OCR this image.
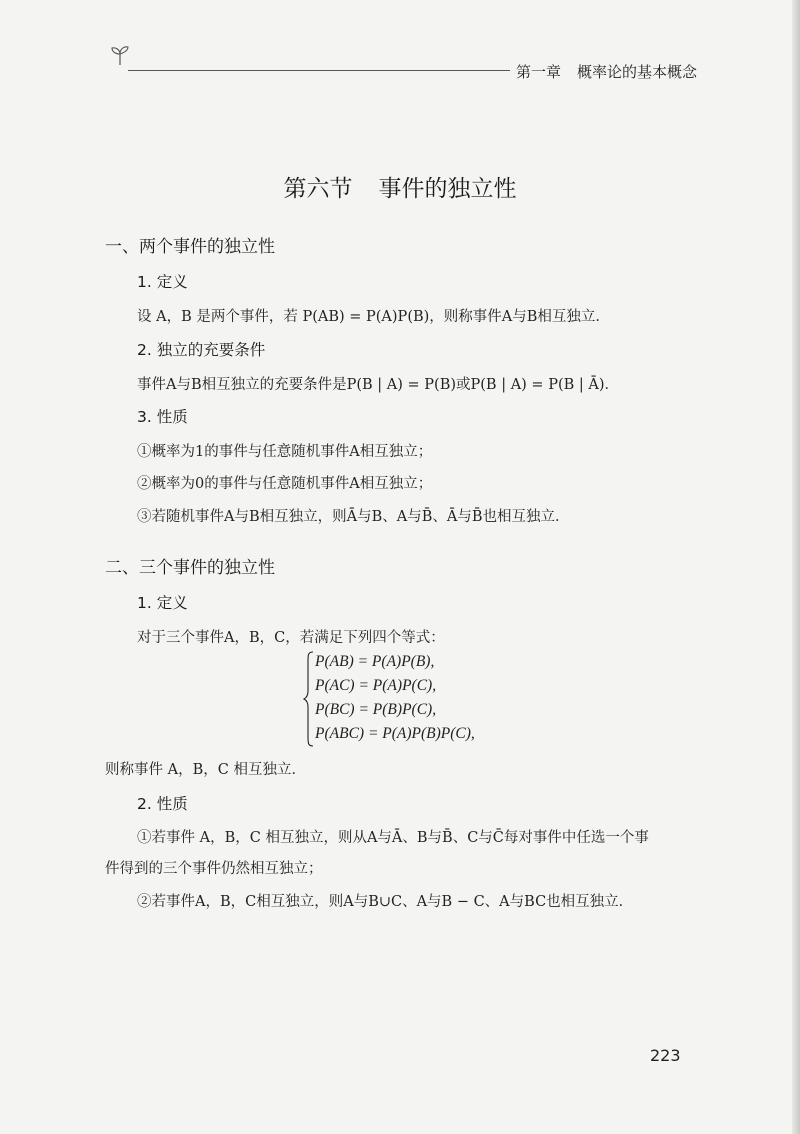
第一章 概率论的基本概念
第六节 事件的独立性
一、两个事件的独立性
1. 定义
设 A，B 是两个事件，若 P(AB) = P(A)P(B)，则称事件A与B相互独立．
2. 独立的充要条件
事件A与B相互独立的充要条件是P(B | A) = P(B)或P(B | A) = P(B | Ā)．
3. 性质
①概率为1的事件与任意随机事件A相互独立；
②概率为0的事件与任意随机事件A相互独立；
③若随机事件A与B相互独立，则Ā与B、A与B̄、Ā与B̄也相互独立．
二、三个事件的独立性
1. 定义
对于三个事件A，B，C，若满足下列四个等式：
P(AB) = P(A)P(B),
P(AC) = P(A)P(C),
P(BC) = P(B)P(C),
P(ABC) = P(A)P(B)P(C),
则称事件 A，B，C 相互独立．
2. 性质
①若事件 A，B，C 相互独立，则从A与Ā、B与B̄、C与C̄每对事件中任选一个事
件得到的三个事件仍然相互独立；
②若事件A，B，C相互独立，则A与B∪C、A与B − C、A与BC也相互独立．
223
